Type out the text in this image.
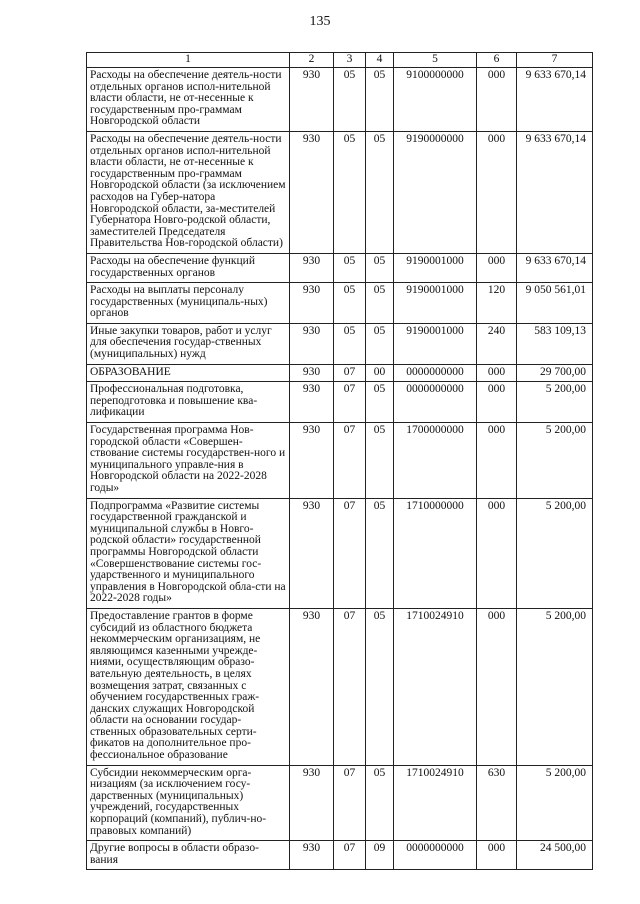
135
1	2	3	4	5	6	7
Расходы на обеспечение деятель-ности отдельных органов испол-нительной власти области, не от-несенные к государственным про-граммам Новгородской области	930	05	05	9100000000	000	9 633 670,14
Расходы на обеспечение деятель-ности отдельных органов испол-нительной власти области, не от-несенные к государственным про-граммам Новгородской области (за исключением расходов на Губер-натора Новгородской области, за-местителей Губернатора Новго-родской области, заместителей Председателя Правительства Нов-городской области)	930	05	05	9190000000	000	9 633 670,14
Расходы на обеспечение функций государственных органов	930	05	05	9190001000	000	9 633 670,14
Расходы на выплаты персоналу государственных (муниципаль-ных) органов	930	05	05	9190001000	120	9 050 561,01
Иные закупки товаров, работ и услуг для обеспечения государ-ственных (муниципальных) нужд	930	05	05	9190001000	240	583 109,13
ОБРАЗОВАНИЕ	930	07	00	0000000000	000	29 700,00
Профессиональная подготовка, переподготовка и повышение ква-лификации	930	07	05	0000000000	000	5 200,00
Государственная программа Нов-городской области «Совершен-ствование системы государствен-ного и муниципального управле-ния в Новгородской области на 2022-2028 годы»	930	07	05	1700000000	000	5 200,00
Подпрограмма «Развитие системы государственной гражданской и муниципальной службы в Новго-родской области» государственной программы Новгородской области «Совершенствование системы гос-ударственного и муниципального управления в Новгородской обла-сти на 2022-2028 годы»	930	07	05	1710000000	000	5 200,00
Предоставление грантов в форме субсидий из областного бюджета некоммерческим организациям, не являющимся казенными учрежде-ниями, осуществляющим образо-вательную деятельность, в целях возмещения затрат, связанных с обучением государственных граж-данских служащих Новгородской области на основании государ-ственных образовательных серти-фикатов на дополнительное про-фессиональное образование	930	07	05	1710024910	000	5 200,00
Субсидии некоммерческим орга-низациям (за исключением госу-дарственных (муниципальных) учреждений, государственных корпораций (компаний), публич-но-правовых компаний)	930	07	05	1710024910	630	5 200,00
Другие вопросы в области образо-вания	930	07	09	0000000000	000	24 500,00
